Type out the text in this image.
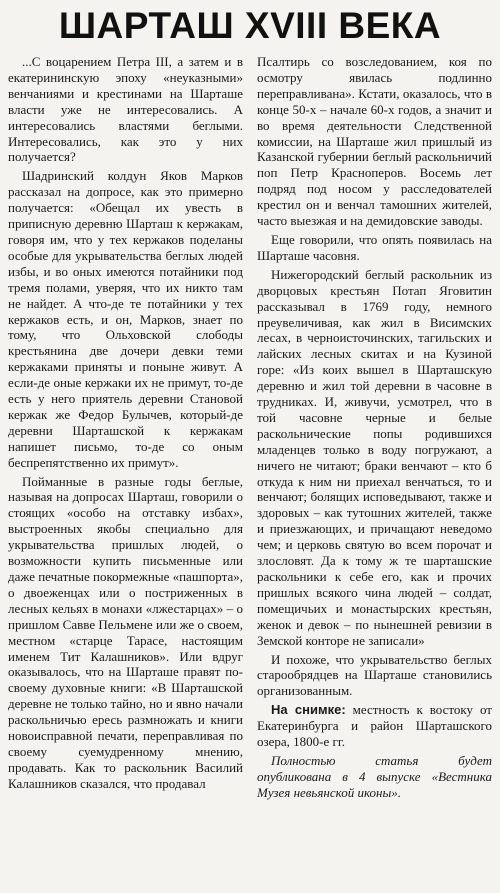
ШАРТАШ XVIII ВЕКА

...С воцарением Петра III, а затем и в екатерининскую эпоху «неуказными» венчаниями и крестинами на Шарташе власти уже не интересовались. А интересовались властями беглыми. Интересовались, как это у них получается?

Шадринский колдун Яков Марков рассказал на допросе, как это примерно получается: «Обещал их увесть в приписную деревню Шарташ к кержакам, говоря им, что у тех кержаков поделаны особые для укрывательства беглых людей избы, и во оных имеются потайники под тремя полами, уверяя, что их никто там не найдет. А что-де те потайники у тех кержаков есть, и он, Марков, знает по тому, что Ольховской слободы крестьянина две дочери девки теми кержаками приняты и поныне живут. А если-де оные кержаки их не примут, то-де есть у него приятель деревни Становой кержак же Федор Булычев, который-де деревни Шарташской к кержакам напишет письмо, то-де со оным беспрепятственно их примут».

Пойманные в разные годы беглые, называя на допросах Шарташ, говорили о стоящих «особо на отставку избах», выстроенных якобы специально для укрывательства пришлых людей, о возможности купить письменные или даже печатные покормежные «пашпорта», о двоеженцах или о постриженных в лесных кельях в монахи «лжестарцах» – о пришлом Савве Пельмене или же о своем, местном «старце Тарасе, настоящим именем Тит Калашников». Или вдруг оказывалось, что на Шарташе правят по-своему духовные книги: «В Шарташской деревне не только тайно, но и явно начали раскольничью ересь размножать и книги новоисправной печати, переправливая по своему суемудренному мнению, продавать. Как то раскольник Василий Калашников сказался, что продавал

Псалтирь со возследованием, коя по осмотру явилась подлинно переправливана». Кстати, оказалось, что в конце 50-х – начале 60-х годов, а значит и во время деятельности Следственной комиссии, на Шарташе жил пришлый из Казанской губернии беглый раскольничий поп Петр Красноперов. Восемь лет подряд под носом у расследователей крестил он и венчал тамошних жителей, часто выезжая и на демидовские заводы.

Еще говорили, что опять появилась на Шарташе часовня.

Нижегородский беглый раскольник из дворцовых крестьян Потап Яговитин рассказывал в 1769 году, немного преувеличивая, как жил в Висимских лесах, в черноисточинских, тагильских и лайских лесных скитах и на Кузиной горе: «Из коих вышел в Шарташскую деревню и жил той деревни в часовне в трудниках. И, живучи, усмотрел, что в той часовне черные и белые раскольнические попы родившихся младенцев только в воду погружают, а ничего не читают; браки венчают – кто б откуда к ним ни приехал венчаться, то и венчают; болящих исповедывают, также и здоровых – как тутошних жителей, также и приезжающих, и причащают неведомо чем; и церковь святую во всем порочат и злословят. Да к тому ж те шарташские раскольники к себе его, как и прочих пришлых всякого чина людей – солдат, помещичьих и монастырских крестьян, женок и девок – по нынешней ревизии в Земской конторе не записали»

И похоже, что укрывательство беглых старообрядцев на Шарташе становились организованным.

На снимке: местность к востоку от Екатеринбурга и район Шарташского озера, 1800-е гг.

Полностью статья будет опубликована в 4 выпуске «Вестника Музея невьянской иконы».
